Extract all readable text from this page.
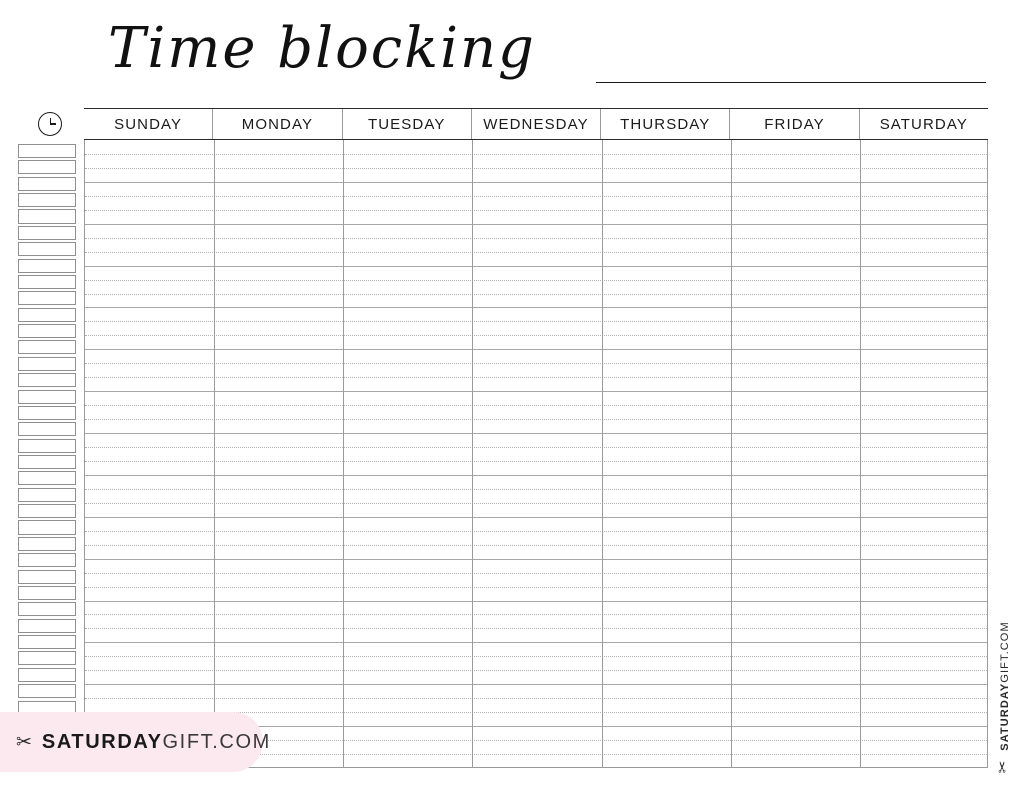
Time blocking
SUNDAY	MONDAY	TUESDAY	WEDNESDAY	THURSDAY	FRIDAY	SATURDAY
✂ SATURDAYGIFT.COM	SATURDAYGIFT.COM
✂
